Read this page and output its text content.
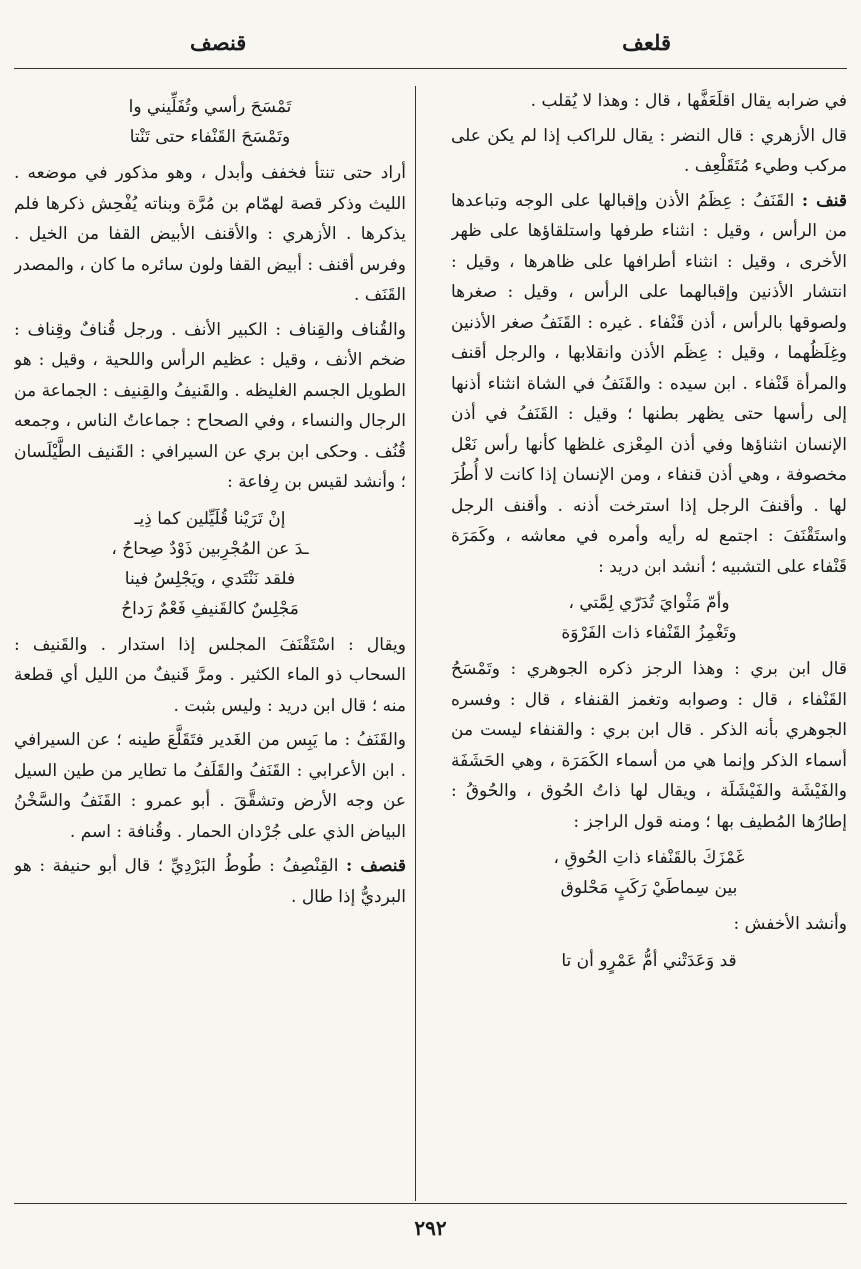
قلعف
قنصف

في ضرابه يقال اقلَعَفَّها ، قال : وهذا لا يُقلب .

قال الأزهري : قال النضر : يقال للراكب إذا لم يكن على مركب وطيء مُتَقَلْعِف .

قنف : القَنَفُ : عِظَمُ الأذن وإقبالها على الوجه وتباعدها من الرأس ، وقيل : انثناء طرفها واستلقاؤها على ظهر الأخرى ، وقيل : انثناء أطرافها على ظاهرها ، وقيل : انتشار الأذنين وإقبالهما على الرأس ، وقيل : صغرها ولصوقها بالرأس ، أذن قَنْفاء . غيره : القَنَفُ صغر الأذنين وغِلَظُهما ، وقيل : عِظَم الأذن وانقلابها ، والرجل أقنف والمرأة قَنْفاء . ابن سيده : والقَنَفُ في الشاة انثناء أذنها إلى رأسها حتى يظهر بطنها ؛ وقيل : القَنَفُ في أذن الإنسان انثناؤها وفي أذن المِعْزى غلظها كأنها رأس نَعْل مخصوفة ، وهي أذن قنفاء ، ومن الإنسان إذا كانت لا أُطُرَ لها . وأقنفَ الرجل إذا استرخت أذنه . وأقنف الرجل واستَقْنَفَ : اجتمع له رأيه وأمره في معاشه ، وكَمَرَة قَنْفاء على التشبيه ؛ أنشد ابن دريد :

وأمّ مَثْوايَ تُدَرّي لِمَّتي ،
وتَغْمِزُ القَنْفاء ذات الفَرْوَة

قال ابن بري : وهذا الرجز ذكره الجوهري : وتَمْسَحُ القَنْفاء ، قال : وصوابه وتغمز القنفاء ، قال : وفسره الجوهري بأنه الذكر . قال ابن بري : والقنفاء ليست من أسماء الذكر وإنما هي من أسماء الكَمَرَة ، وهي الحَشَفَة والفَيْشَة والفَيْشَلَة ، ويقال لها ذاتُ الحُوق ، والحُوقُ : إطارُها المُطيف بها ؛ ومنه قول الراجز :

غَمْزَكَ بالقَنْفاء ذاتِ الحُوقِ ،
بين سِماطَيْ رَكَبٍ مَحْلوق

وأنشد الأخفش :

قد وَعَدَتْني أمُّ عَمْرٍو أن تا
تَمْسَحَ رأسي وتُفَلِّيني وا
وتَمْسَحَ القَنْفاء حتى تَنْتا

أراد حتى تنتأ فخفف وأبدل ، وهو مذكور في موضعه . الليث وذكر قصة لهمّام بن مُرَّة وبناته يُفْحِش ذكرها فلم يذكرها . الأزهري : والأقنف الأبيض القفا من الخيل . وفرس أقنف : أبيض القفا ولون سائره ما كان ، والمصدر القَنَف .

والقُناف والقِناف : الكبير الأنف . ورجل قُنافٌ وقِناف : ضخم الأنف ، وقيل : عظيم الرأس واللحية ، وقيل : هو الطويل الجسم الغليظه . والقَنيفُ والقِنيف : الجماعة من الرجال والنساء ، وفي الصحاح : جماعاتُ الناس ، وجمعه قُنُف . وحكى ابن بري عن السيرافي : القَنيف الطَّيْلَسان ؛ وأنشد لقيس بن رِفاعة :

إنْ تَرَيْنا قُلَيِّلين كما ذِيـ
ـدَ عن المُجْرِبين ذَوْدٌ صِحاحُ ،
فلقد نَنْتَدي ، ويَجْلِسُ فينا
مَجْلِسٌ كالقَنيفِ فَعْمٌ رَداحُ

ويقال : اسْتَقْنَفَ المجلس إذا استدار . والقَنيف : السحاب ذو الماء الكثير . ومرَّ قَنيفٌ من الليل أي قطعة منه ؛ قال ابن دريد : وليس بثبت .

والقَنَفُ : ما يَبِس من الغَدير فتَقَلَّعَ طينه ؛ عن السيرافي . ابن الأعرابي : القَنَفُ والقَلَفُ ما تطاير من طين السيل عن وجه الأرض وتشقَّقَ . أبو عمرو : القَنَفُ والسَّخْنُ البياض الذي على جُرْدان الحمار . وقُنافة : اسم .

قنصف : القِنْصِفُ : طُوطُ البَرْدِيِّ ؛ قال أبو حنيفة : هو البرديُّ إذا طال .

٢٩٢
